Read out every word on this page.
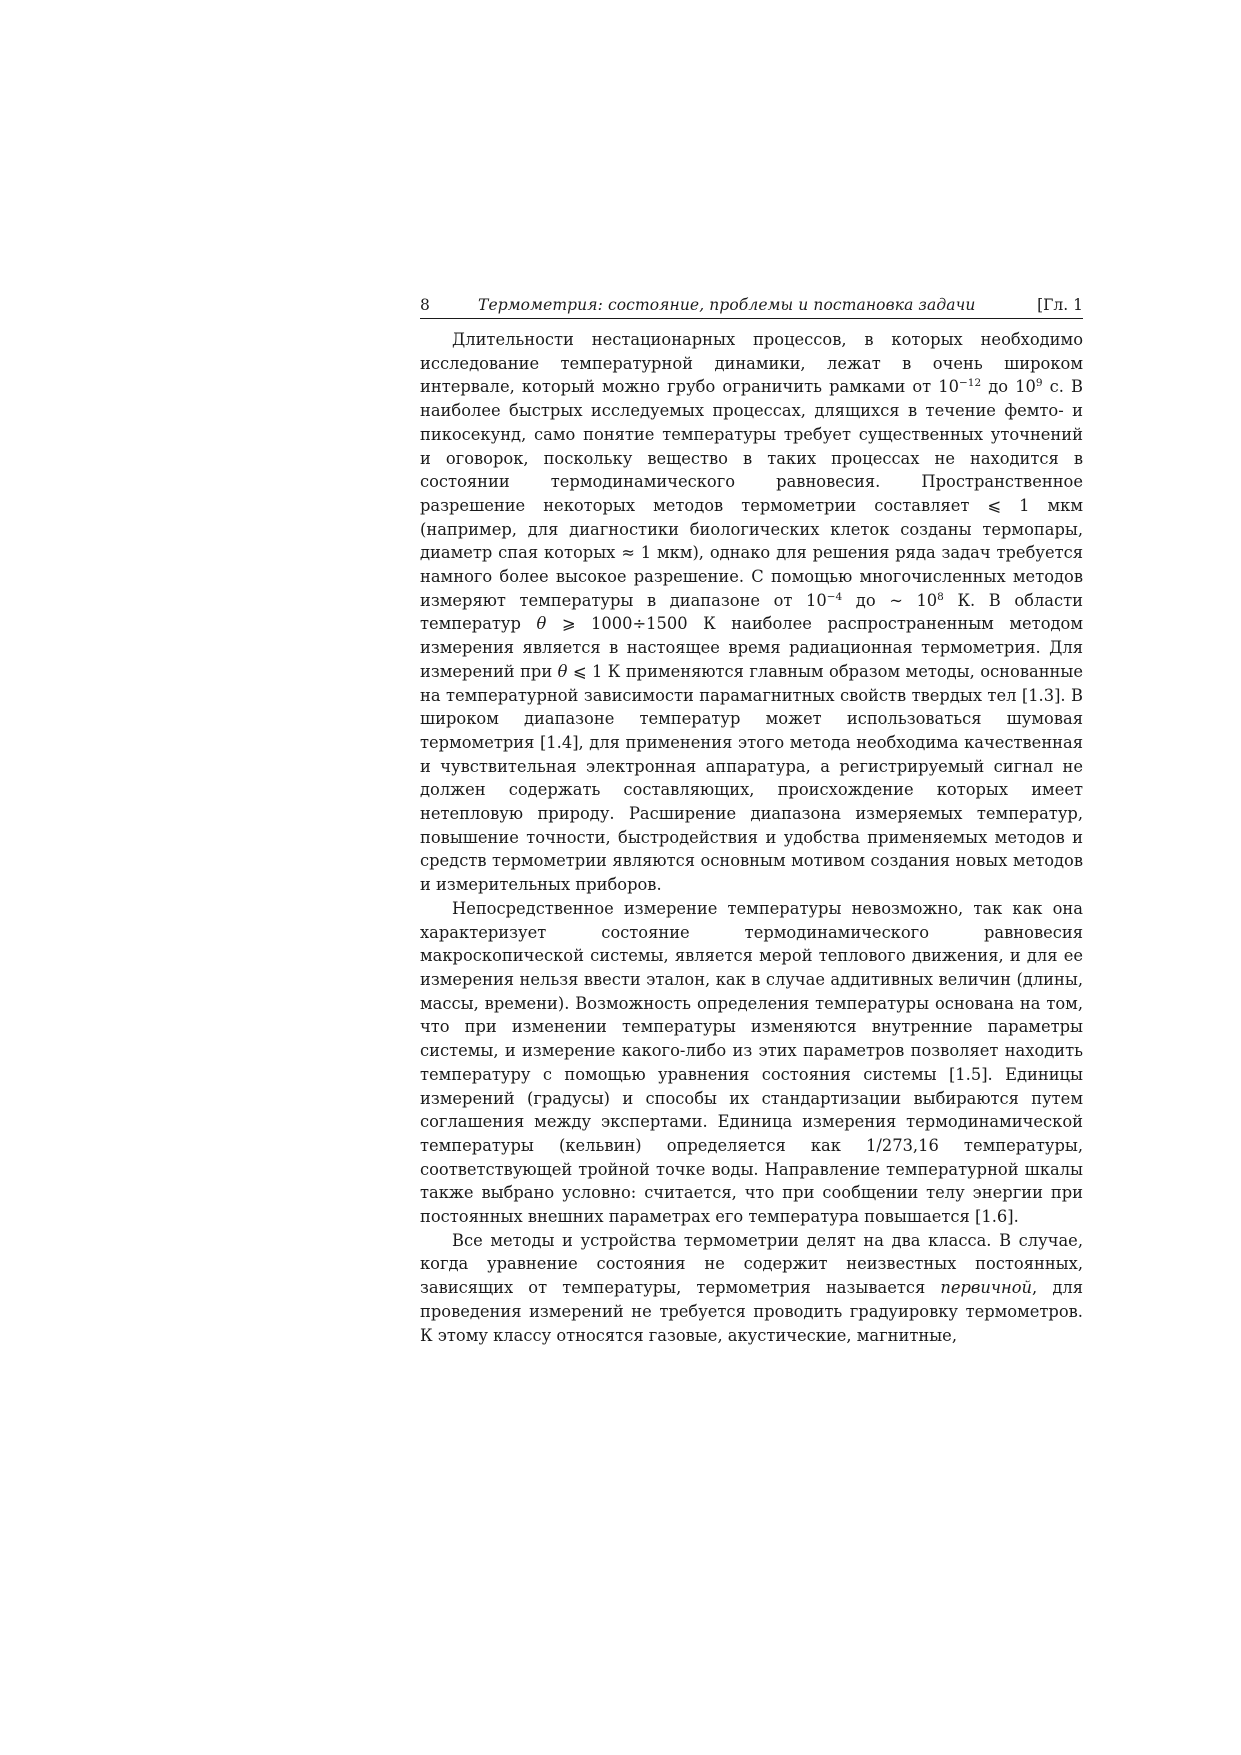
8	Термометрия: состояние, проблемы и постановка задачи	[Гл. 1

Длительности нестационарных процессов, в которых необходимо исследование температурной динамики, лежат в очень широком интервале, который можно грубо ограничить рамками от $10^{-12}$ до $10^9$ с. В наиболее быстрых исследуемых процессах, длящихся в течение фемто- и пикосекунд, само понятие температуры требует существенных уточнений и оговорок, поскольку вещество в таких процессах не находится в состоянии термодинамического равновесия. Пространственное разрешение некоторых методов термометрии составляет ⩽ 1 мкм (например, для диагностики биологических клеток созданы термопары, диаметр спая которых ≈ 1 мкм), однако для решения ряда задач требуется намного более высокое разрешение. С помощью многочисленных методов измеряют температуры в диапазоне от $10^{-4}$ до ∼ $10^8$ К. В области температур θ ⩾ 1000÷1500 К наиболее распространенным методом измерения является в настоящее время радиационная термометрия. Для измерений при θ ⩽ 1 К применяются главным образом методы, основанные на температурной зависимости парамагнитных свойств твердых тел [1.3]. В широком диапазоне температур может использоваться шумовая термометрия [1.4], для применения этого метода необходима качественная и чувствительная электронная аппаратура, а регистрируемый сигнал не должен содержать составляющих, происхождение которых имеет нетепловую природу. Расширение диапазона измеряемых температур, повышение точности, быстродействия и удобства применяемых методов и средств термометрии являются основным мотивом создания новых методов и измерительных приборов.

Непосредственное измерение температуры невозможно, так как она характеризует состояние термодинамического равновесия макроскопической системы, является мерой теплового движения, и для ее измерения нельзя ввести эталон, как в случае аддитивных величин (длины, массы, времени). Возможность определения температуры основана на том, что при изменении температуры изменяются внутренние параметры системы, и измерение какого-либо из этих параметров позволяет находить температуру с помощью уравнения состояния системы [1.5]. Единицы измерений (градусы) и способы их стандартизации выбираются путем соглашения между экспертами. Единица измерения термодинамической температуры (кельвин) определяется как 1/273,16 температуры, соответствующей тройной точке воды. Направление температурной шкалы также выбрано условно: считается, что при сообщении телу энергии при постоянных внешних параметрах его температура повышается [1.6].

Все методы и устройства термометрии делят на два класса. В случае, когда уравнение состояния не содержит неизвестных постоянных, зависящих от температуры, термометрия называется первичной, для проведения измерений не требуется проводить градуировку термометров. К этому классу относятся газовые, акустические, магнитные,
